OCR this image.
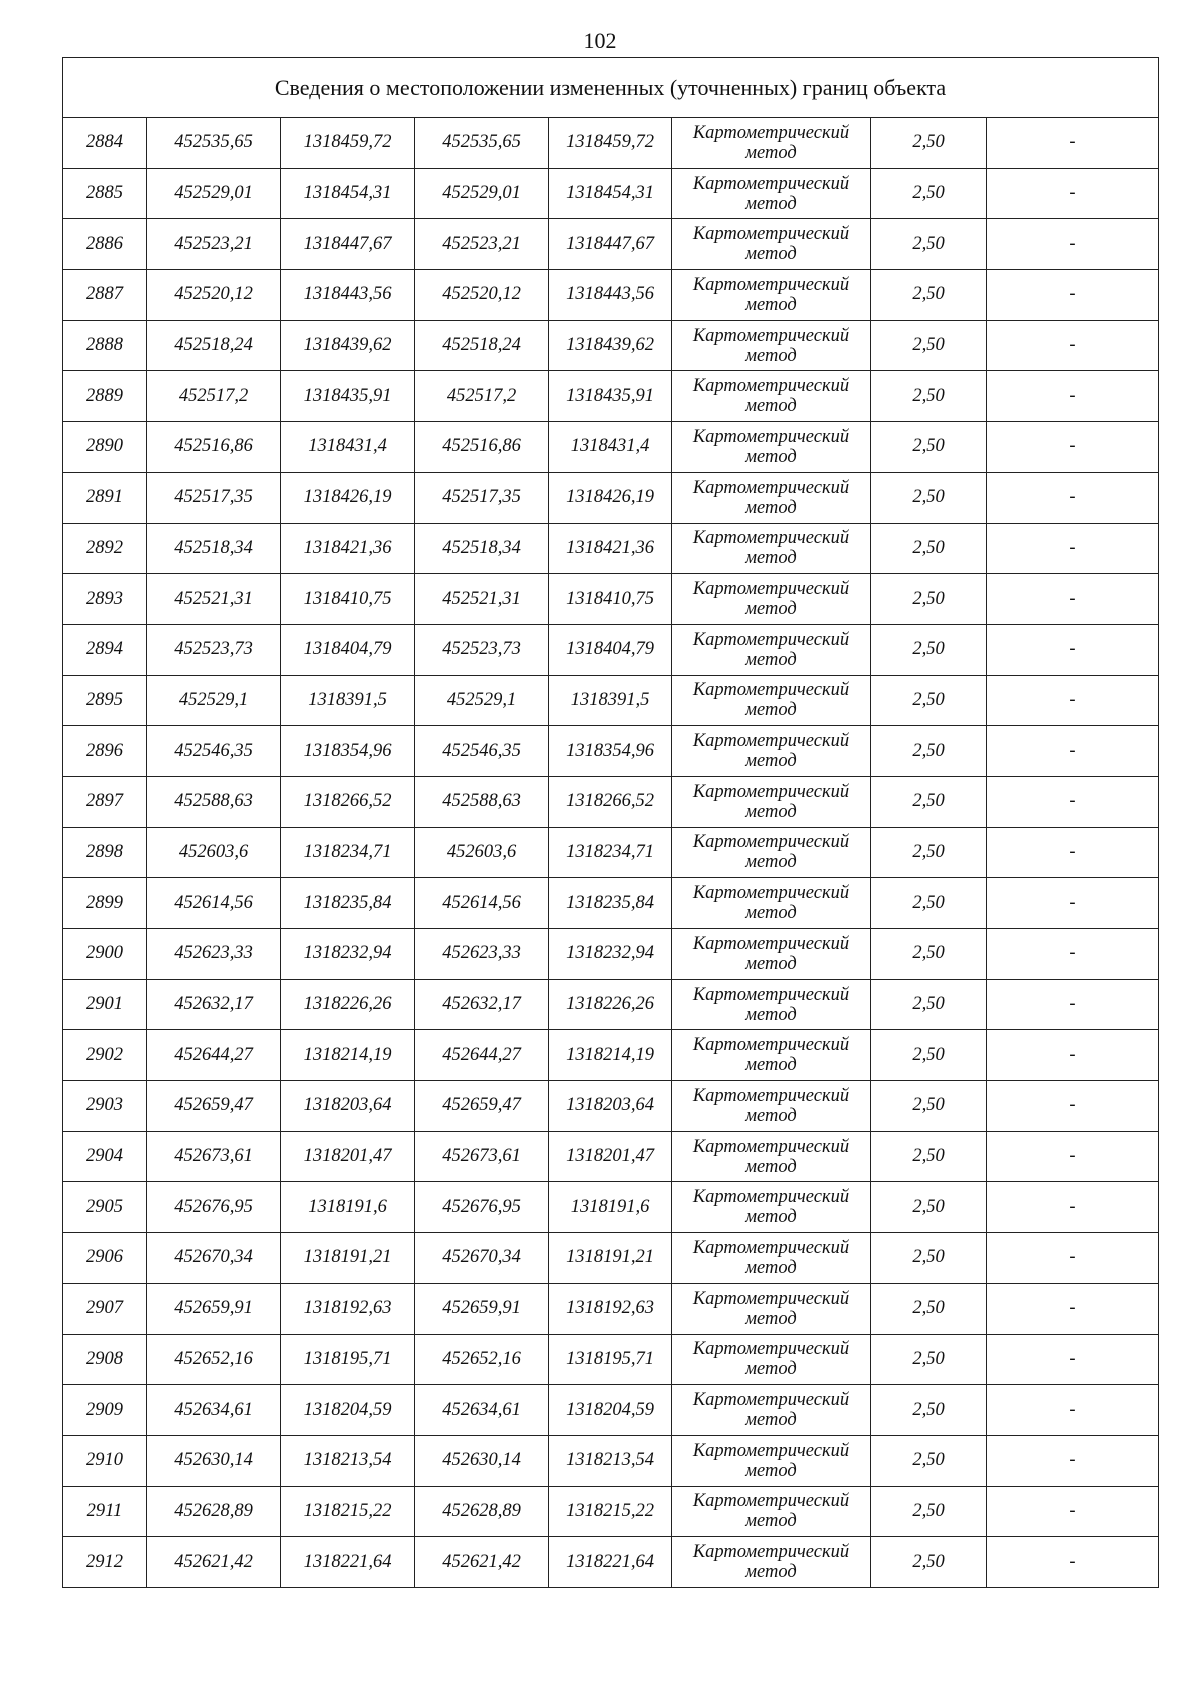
102
Сведения о местоположении измененных (уточненных) границ объекта							
2884	452535,65	1318459,72	452535,65	1318459,72	Картометрический
метод	2,50	-
2885	452529,01	1318454,31	452529,01	1318454,31	Картометрический
метод	2,50	-
2886	452523,21	1318447,67	452523,21	1318447,67	Картометрический
метод	2,50	-
2887	452520,12	1318443,56	452520,12	1318443,56	Картометрический
метод	2,50	-
2888	452518,24	1318439,62	452518,24	1318439,62	Картометрический
метод	2,50	-
2889	452517,2	1318435,91	452517,2	1318435,91	Картометрический
метод	2,50	-
2890	452516,86	1318431,4	452516,86	1318431,4	Картометрический
метод	2,50	-
2891	452517,35	1318426,19	452517,35	1318426,19	Картометрический
метод	2,50	-
2892	452518,34	1318421,36	452518,34	1318421,36	Картометрический
метод	2,50	-
2893	452521,31	1318410,75	452521,31	1318410,75	Картометрический
метод	2,50	-
2894	452523,73	1318404,79	452523,73	1318404,79	Картометрический
метод	2,50	-
2895	452529,1	1318391,5	452529,1	1318391,5	Картометрический
метод	2,50	-
2896	452546,35	1318354,96	452546,35	1318354,96	Картометрический
метод	2,50	-
2897	452588,63	1318266,52	452588,63	1318266,52	Картометрический
метод	2,50	-
2898	452603,6	1318234,71	452603,6	1318234,71	Картометрический
метод	2,50	-
2899	452614,56	1318235,84	452614,56	1318235,84	Картометрический
метод	2,50	-
2900	452623,33	1318232,94	452623,33	1318232,94	Картометрический
метод	2,50	-
2901	452632,17	1318226,26	452632,17	1318226,26	Картометрический
метод	2,50	-
2902	452644,27	1318214,19	452644,27	1318214,19	Картометрический
метод	2,50	-
2903	452659,47	1318203,64	452659,47	1318203,64	Картометрический
метод	2,50	-
2904	452673,61	1318201,47	452673,61	1318201,47	Картометрический
метод	2,50	-
2905	452676,95	1318191,6	452676,95	1318191,6	Картометрический
метод	2,50	-
2906	452670,34	1318191,21	452670,34	1318191,21	Картометрический
метод	2,50	-
2907	452659,91	1318192,63	452659,91	1318192,63	Картометрический
метод	2,50	-
2908	452652,16	1318195,71	452652,16	1318195,71	Картометрический
метод	2,50	-
2909	452634,61	1318204,59	452634,61	1318204,59	Картометрический
метод	2,50	-
2910	452630,14	1318213,54	452630,14	1318213,54	Картометрический
метод	2,50	-
2911	452628,89	1318215,22	452628,89	1318215,22	Картометрический
метод	2,50	-
2912	452621,42	1318221,64	452621,42	1318221,64	Картометрический
метод	2,50	-
